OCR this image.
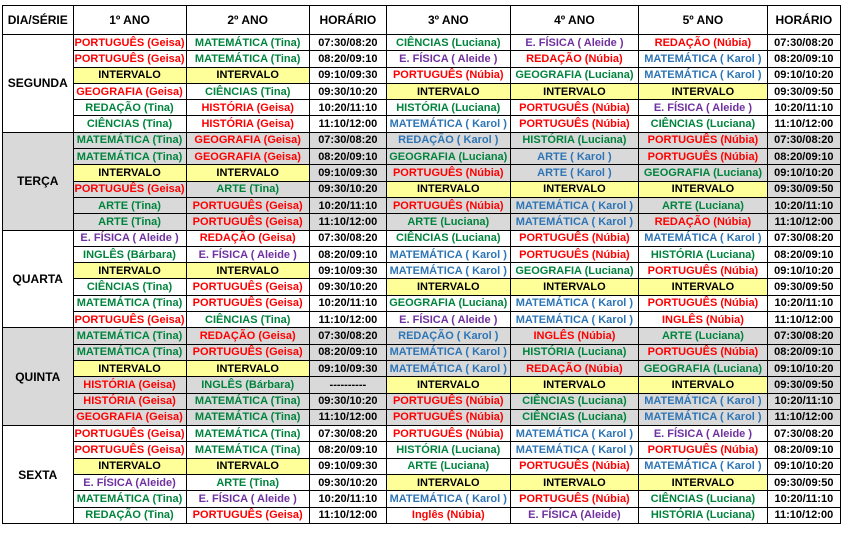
DIA/SÉRIE	1º ANO	2º ANO	HORÁRIO	3º ANO	4º ANO	5º ANO	HORÁRIO
SEGUNDA	PORTUGUÊS (Geisa)	MATEMÁTICA (Tina)	07:30/08:20	CIÊNCIAS (Luciana)	E. FÍSICA ( Aleide )	REDAÇÃO (Núbia)	07:30/08:20
	PORTUGUÊS (Geisa)	MATEMÁTICA (Tina)	08:20/09:10	E. FÍSICA ( Aleide )	REDAÇÃO (Núbia)	MATEMÁTICA ( Karol )	08:20/09:10
	INTERVALO	INTERVALO	09:10/09:30	PORTUGUÊS (Núbia)	GEOGRAFIA (Luciana)	MATEMÁTICA ( Karol )	09:10/10:20
	GEOGRAFIA (Geisa)	CIÊNCIAS (Tina)	09:30/10:20	INTERVALO	INTERVALO	INTERVALO	09:30/09:50
	REDAÇÃO (Tina)	HISTÓRIA (Geisa)	10:20/11:10	HISTÓRIA (Luciana)	PORTUGUÊS (Núbia)	E. FÍSICA ( Aleide )	10:20/11:10
	CIÊNCIAS (Tina)	HISTÓRIA (Geisa)	11:10/12:00	MATEMÁTICA ( Karol )	PORTUGUÊS (Núbia)	CIÊNCIAS (Luciana)	11:10/12:00
TERÇA	MATEMÁTICA (Tina)	GEOGRAFIA (Geisa)	07:30/08:20	REDAÇÃO ( Karol )	HISTÓRIA (Luciana)	PORTUGUÊS (Núbia)	07:30/08:20
	MATEMÁTICA (Tina)	GEOGRAFIA (Geisa)	08:20/09:10	GEOGRAFIA (Luciana)	ARTE ( Karol )	PORTUGUÊS (Núbia)	08:20/09:10
	INTERVALO	INTERVALO	09:10/09:30	PORTUGUÊS (Núbia)	ARTE ( Karol )	GEOGRAFIA (Luciana)	09:10/10:20
	PORTUGUÊS (Geisa)	ARTE (Tina)	09:30/10:20	INTERVALO	INTERVALO	INTERVALO	09:30/09:50
	ARTE (Tina)	PORTUGUÊS (Geisa)	10:20/11:10	PORTUGUÊS (Núbia)	MATEMÁTICA ( Karol )	ARTE (Luciana)	10:20/11:10
	ARTE (Tina)	PORTUGUÊS (Geisa)	11:10/12:00	ARTE (Luciana)	MATEMÁTICA ( Karol )	REDAÇÃO (Núbia)	11:10/12:00
QUARTA	E. FÍSICA ( Aleide )	REDAÇÃO (Geisa)	07:30/08:20	CIÊNCIAS (Luciana)	PORTUGUÊS (Núbia)	MATEMÁTICA ( Karol )	07:30/08:20
	INGLÊS (Bárbara)	E. FÍSICA ( Aleide )	08:20/09:10	MATEMÁTICA ( Karol )	PORTUGUÊS (Núbia)	HISTÓRIA (Luciana)	08:20/09:10
	INTERVALO	INTERVALO	09:10/09:30	MATEMÁTICA ( Karol )	GEOGRAFIA (Luciana)	PORTUGUÊS (Núbia)	09:10/10:20
	CIÊNCIAS (Tina)	PORTUGUÊS (Geisa)	09:30/10:20	INTERVALO	INTERVALO	INTERVALO	09:30/09:50
	MATEMÁTICA (Tina)	PORTUGUÊS (Geisa)	10:20/11:10	GEOGRAFIA (Luciana)	MATEMÁTICA ( Karol )	PORTUGUÊS (Núbia)	10:20/11:10
	PORTUGUÊS (Geisa)	CIÊNCIAS (Tina)	11:10/12:00	E. FÍSICA ( Aleide )	MATEMÁTICA ( Karol )	INGLÊS (Núbia)	11:10/12:00
QUINTA	MATEMÁTICA (Tina)	REDAÇÃO (Geisa)	07:30/08:20	REDAÇÃO ( Karol )	INGLÊS (Núbia)	ARTE (Luciana)	07:30/08:20
	MATEMÁTICA (Tina)	PORTUGUÊS (Geisa)	08:20/09:10	MATEMÁTICA ( Karol )	HISTÓRIA (Luciana)	PORTUGUÊS (Núbia)	08:20/09:10
	INTERVALO	INTERVALO	09:10/09:30	MATEMÁTICA ( Karol )	REDAÇÃO (Núbia)	GEOGRAFIA (Luciana)	09:10/10:20
	HISTÓRIA (Geisa)	INGLÊS (Bárbara)	----------	INTERVALO	INTERVALO	INTERVALO	09:30/09:50
	HISTÓRIA (Geisa)	MATEMÁTICA (Tina)	09:30/10:20	PORTUGUÊS (Núbia)	CIÊNCIAS (Luciana)	MATEMÁTICA ( Karol )	10:20/11:10
	GEOGRAFIA (Geisa)	MATEMÁTICA (Tina)	11:10/12:00	PORTUGUÊS (Núbia)	CIÊNCIAS (Luciana)	MATEMÁTICA ( Karol )	11:10/12:00
SEXTA	PORTUGUÊS (Geisa)	MATEMÁTICA (Tina)	07:30/08:20	PORTUGUÊS (Núbia)	MATEMÁTICA ( Karol )	E. FÍSICA ( Aleide )	07:30/08:20
	PORTUGUÊS (Geisa)	MATEMÁTICA (Tina)	08:20/09:10	HISTÓRIA (Luciana)	MATEMÁTICA ( Karol )	PORTUGUÊS (Núbia)	08:20/09:10
	INTERVALO	INTERVALO	09:10/09:30	ARTE (Luciana)	PORTUGUÊS (Núbia)	MATEMÁTICA ( Karol )	09:10/10:20
	E. FÍSICA (Aleide)	ARTE (Tina)	09:30/10:20	INTERVALO	INTERVALO	INTERVALO	09:30/09:50
	MATEMÁTICA (Tina)	E. FÍSICA ( Aleide )	10:20/11:10	MATEMÁTICA ( Karol )	PORTUGUÊS (Núbia)	CIÊNCIAS (Luciana)	10:20/11:10
	REDAÇÃO (Tina)	PORTUGUÊS (Geisa)	11:10/12:00	Inglês (Núbia)	E. FÍSICA (Aleide)	HISTÓRIA (Luciana)	11:10/12:00
